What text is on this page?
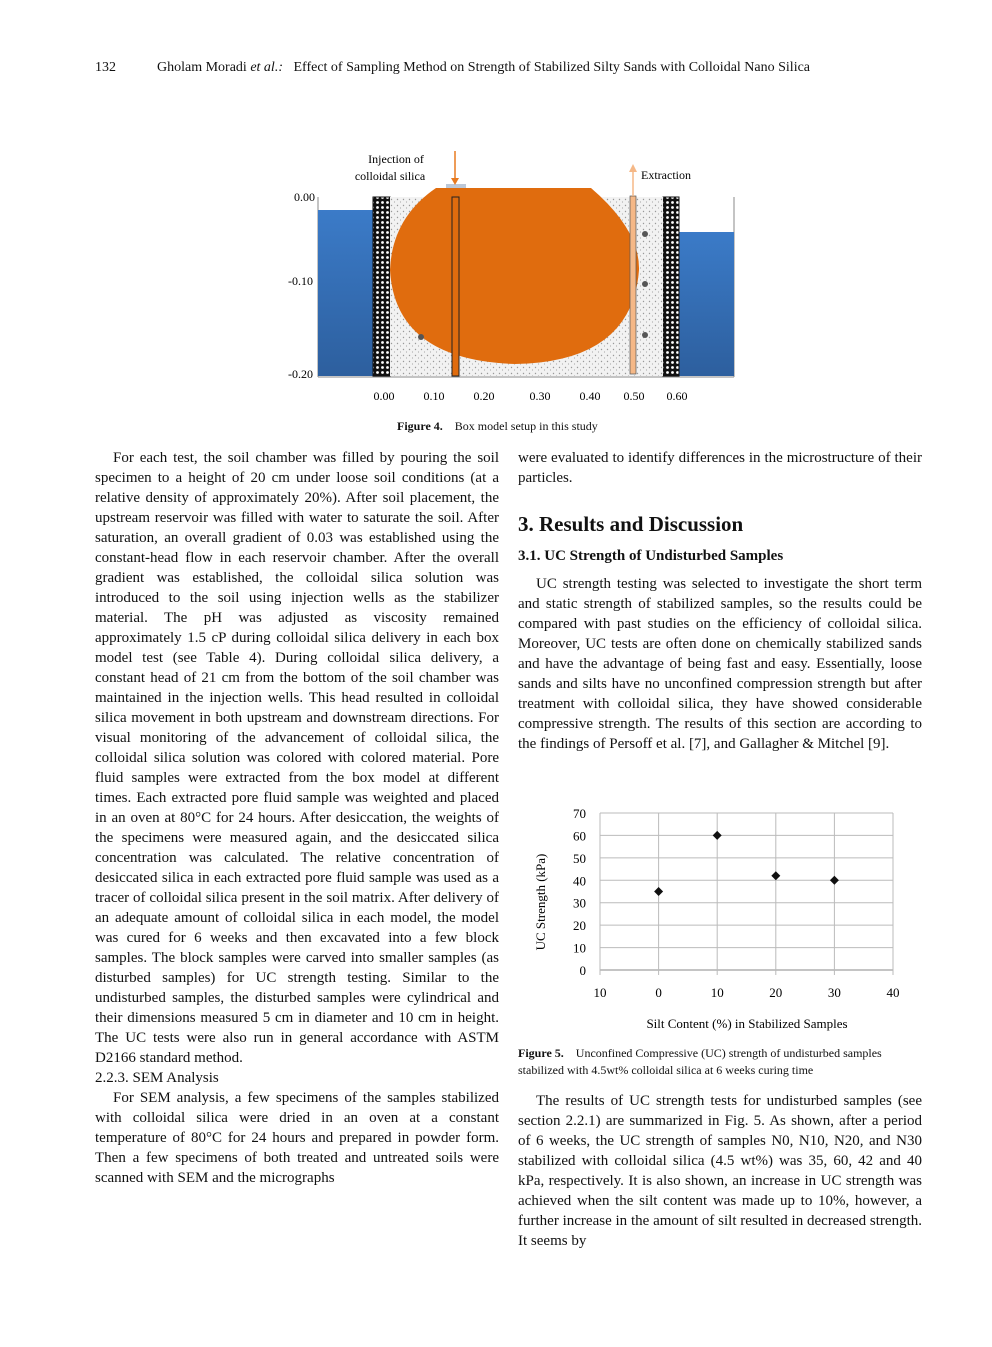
132	Gholam Moradi et al.: Effect of Sampling Method on Strength of Stabilized Silty Sands with Colloidal Nano Silica
Injection of
colloidal silica	Extraction
0.00
-0.10
-0.20
0.00 0.10 0.20	0.30 0.40 0.50 0.60
Figure 4. Box model setup in this study

For each test, the soil chamber was filled by pouring the soil specimen to a height of 20 cm under loose soil conditions (at a relative density of approximately 20%). After soil placement, the upstream reservoir was filled with water to saturate the soil. After saturation, an overall gradient of 0.03 was established using the constant-head flow in each reservoir chamber. After the overall gradient was established, the colloidal silica solution was introduced to the soil using injection wells as the stabilizer material. The pH was adjusted as viscosity remained approximately 1.5 cP during colloidal silica delivery in each box model test (see Table 4). During colloidal silica delivery, a constant head of 21 cm from the bottom of the soil chamber was maintained in the injection wells. This head resulted in colloidal silica movement in both upstream and downstream directions. For visual monitoring of the advancement of colloidal silica, the colloidal silica solution was colored with colored material. Pore fluid samples were extracted from the box model at different times. Each extracted pore fluid sample was weighted and placed in an oven at 80°C for 24 hours. After desiccation, the weights of the specimens were measured again, and the desiccated silica concentration was calculated. The relative concentration of desiccated silica in each extracted pore fluid sample was used as a tracer of colloidal silica present in the soil matrix. After delivery of an adequate amount of colloidal silica in each model, the model was cured for 6 weeks and then excavated into a few block samples. The block samples were carved into smaller samples (as disturbed samples) for UC strength testing. Similar to the undisturbed samples, the disturbed samples were cylindrical and their dimensions measured 5 cm in diameter and 10 cm in height. The UC tests were also run in general accordance with ASTM D2166 standard method.

2.2.3. SEM Analysis

For SEM analysis, a few specimens of the samples stabilized with colloidal silica were dried in an oven at a constant temperature of 80°C for 24 hours and prepared in powder form. Then a few specimens of both treated and untreated soils were scanned with SEM and the micrographs

were evaluated to identify differences in the microstructure of their particles.

3. Results and Discussion
3.1. UC Strength of Undisturbed Samples

UC strength testing was selected to investigate the short term and static strength of stabilized samples, so the results could be compared with past studies on the efficiency of colloidal silica. Moreover, UC tests are often done on chemically stabilized sands and have the advantage of being fast and easy. Essentially, loose sands and silts have no unconfined compression strength but after treatment with colloidal silica, they have showed considerable compressive strength. The results of this section are according to the findings of Persoff et al. [7], and Gallagher & Mitchel [9].

0
10
20
30
40
50
60
70
10	0	10	20	30	40
UC Strength (kPa)
Silt Content (%) in Stabilized Samples
Figure 5. Unconfined Compressive (UC) strength of undisturbed samples stabilized with 4.5wt% colloidal silica at 6 weeks curing time

The results of UC strength tests for undisturbed samples (see section 2.2.1) are summarized in Fig. 5. As shown, after a period of 6 weeks, the UC strength of samples N0, N10, N20, and N30 stabilized with colloidal silica (4.5 wt%) was 35, 60, 42 and 40 kPa, respectively. It is also shown, an increase in UC strength was achieved when the silt content was made up to 10%, however, a further increase in the amount of silt resulted in decreased strength. It seems by
